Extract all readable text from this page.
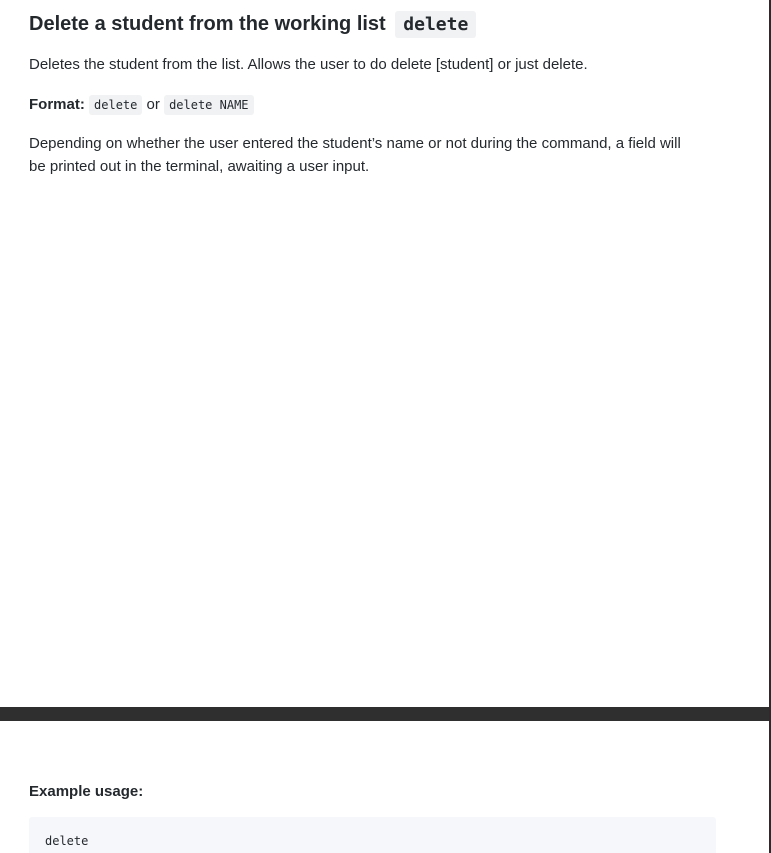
Delete a student from the working list delete

Deletes the student from the list. Allows the user to do delete [student] or just delete.

Format: delete or delete NAME

Depending on whether the user entered the student’s name or not during the command, a field will be printed out in the terminal, awaiting a user input.

Example usage:

delete
